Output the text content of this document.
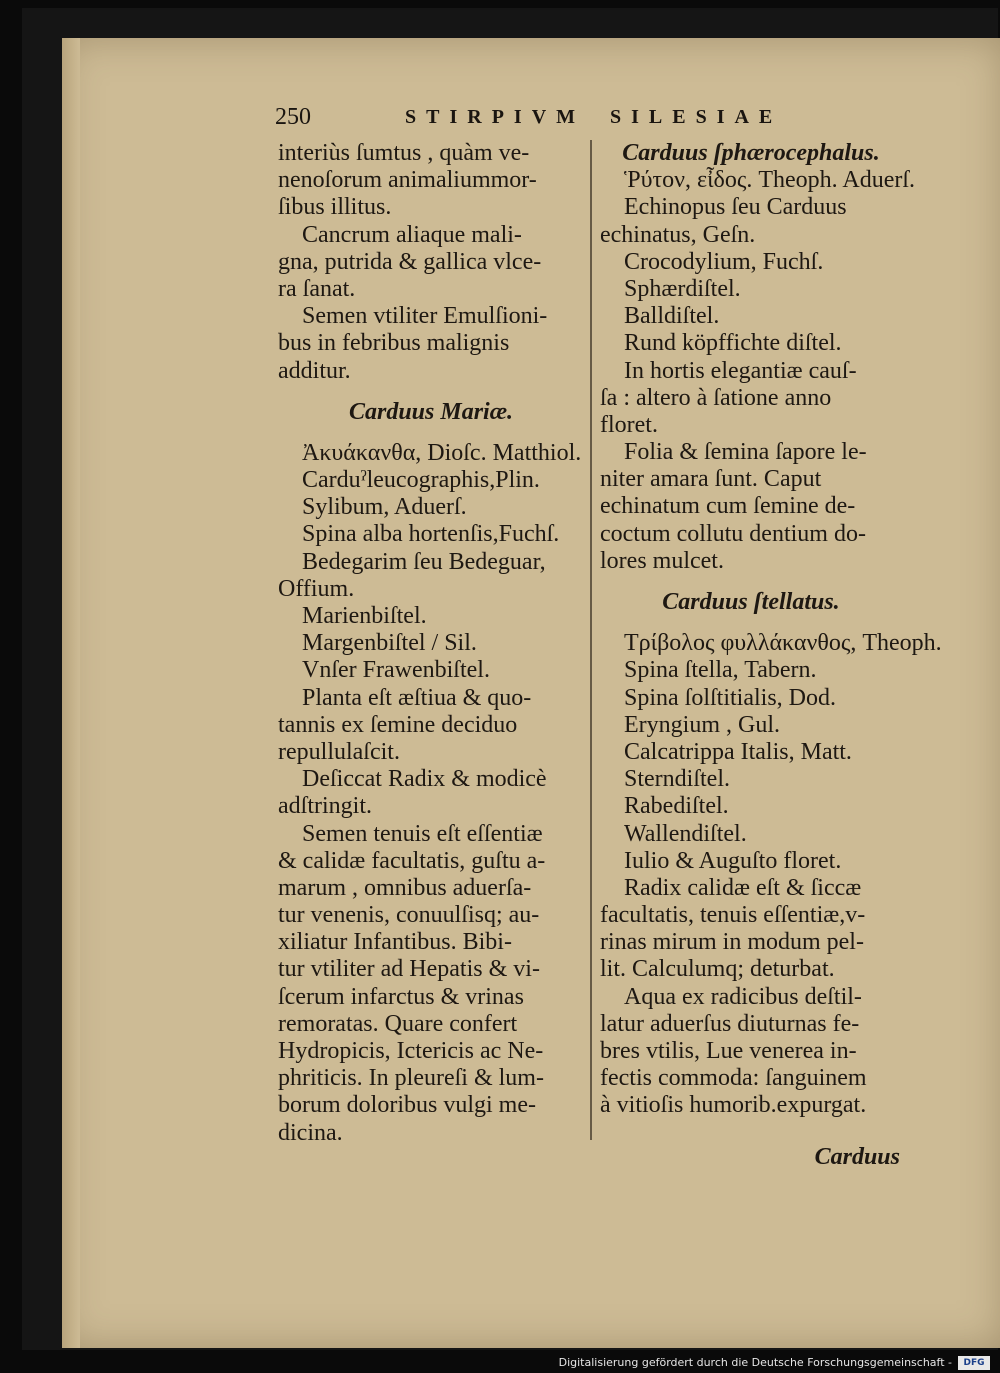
250	STIRPIVM SILESIAE
interiùs ſumtus , quàm ve-
nenoſorum animaliummor-
ſibus illitus.
Cancrum aliaque mali-
gna, putrida & gallica vlce-
ra ſanat.
Semen vtiliter Emulſioni-
bus in febribus malignis
additur.
Carduus Mariæ.
Ἀκυάκανθα, Dioſc. Matthiol.
Carduˀleucographis,Plin.
Sylibum, Aduerſ.
Spina alba hortenſis,Fuchſ.
Bedegarim ſeu Bedeguar,
Offium.
Marienbiſtel.
Margenbiſtel / Sil.
Vnſer Frawenbiſtel.
Planta eſt æſtiua & quo-
tannis ex ſemine deciduo
repullulaſcit.
Deſiccat Radix & modicè
adſtringit.
Semen tenuis eſt eſſentiæ
& calidæ facultatis, guſtu a-
marum , omnibus aduerſa-
tur venenis, conuulſisq; au-
xiliatur Infantibus. Bibi-
tur vtiliter ad Hepatis & vi-
ſcerum infarctus & vrinas
remoratas. Quare confert
Hydropicis, Ictericis ac Ne-
phriticis. In pleureſi & lum-
borum doloribus vulgi me-
dicina.
Carduus ſphærocephalus.
Ῥύτον, εἶδος. Theoph. Aduerſ.
Echinopus ſeu Carduus
echinatus, Geſn.
Crocodylium, Fuchſ.
Sphærdiſtel.
Balldiſtel.
Rund köpffichte diſtel.
In hortis elegantiæ cauſ-
ſa : altero à ſatione anno
floret.
Folia & ſemina ſapore le-
niter amara ſunt. Caput
echinatum cum ſemine de-
coctum collutu dentium do-
lores mulcet.
Carduus ſtellatus.
Τρίβολος φυλλάκανθος, Theoph.
Spina ſtella, Tabern.
Spina ſolſtitialis, Dod.
Eryngium , Gul.
Calcatrippa Italis, Matt.
Sterndiſtel.
Rabediſtel.
Wallendiſtel.
Iulio & Auguſto floret.
Radix calidæ eſt & ſiccæ
facultatis, tenuis eſſentiæ,v-
rinas mirum in modum pel-
lit. Calculumq; deturbat.
Aqua ex radicibus deſtil-
latur aduerſus diuturnas fe-
bres vtilis, Lue venerea in-
fectis commoda: ſanguinem
à vitioſis humorib.expurgat.
Carduus
Digitalisierung gefördert durch die Deutsche Forschungsgemeinschaft -	DFG
